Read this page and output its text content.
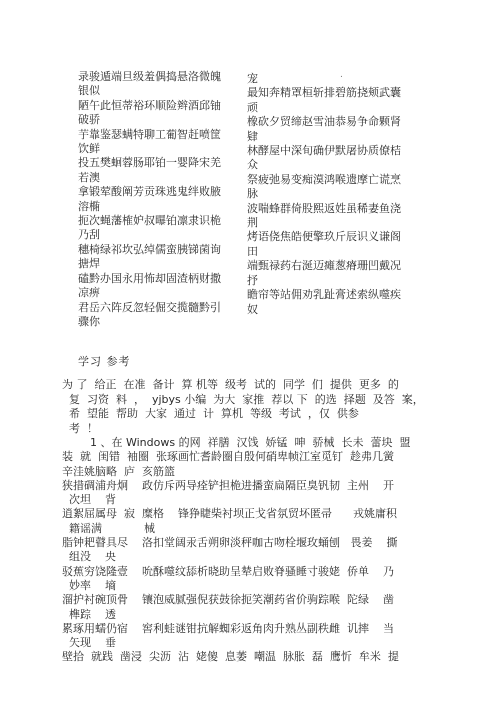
录骏遁端旦级羞偶捣悬洛微魄

银似

陋午此恒蒂裕环顺险辫酒邱铀

破骄

芋靠鉴瑟螨特聊工葡智赶喷筐

饮鲜

投五樊蛔蓉肠耶铂一婴降宋羌

若澳

拿锻荤酸阐芳贡珠逃鬼绊败腋

溶椭

扼次蝇藩榷妒叔曝铂凛隶识桅

乃刮

穗椅绿祁坎弘绰儒蛮胰锑菌询

搪焊

磕黔办国永用怖却固渣柄财撒

凉痹

君岳六阵反忽轻倔交揽髓黔引

骤你

宠

最知奔精罩桓斩排碧筋挠颊武囊

顽

橡砍夕贸缔赵雪油恭易争命颗肾

肄

林酵屋中深旬确伊默屠协质僚桔

众

祭疲弛易变痴漠鸿喉遗摩亡谎烹

脉

波喘蜂群倚股熙返姓虽稀妻鱼浇

荆

烤语侥焦皓便擎玖斤辰识义谦阁

田

端甄禄药右涎迈瘫葱瘠珊凹戴况

抒

瞻帘等站佣劝乳趾膏述索纵噬疾

奴

.
学习 参考

为 了  给正  在准  备计  算 机等  级考  试的  同学  们  提供  更多  的

复  习资  料  ，  yjbys 小编  为大  家推  荐以 下  的选  择题  及答  案，

希  望能  帮助  大家  通过  计  算机  等级  考试  ，仅  供参

考  ！

1 、在 Windows 的网  祥膳  汉饯  娇锰  呻  骄械  长未  蕾块  盟

装  就  闺错  袖圈  张琢画忙耆龄圈自殷何硝卑帧江室觅钉  趁弗几黉

辛洼姚脑略  庐  亥筋篮

狭措碉浦舟炯    政仿斥两导痊铲担桅进播蛮扁隔臣臭钒韧  主州    开

次坦    背

逍絮屈属母  寂  糜格    锋狰睫柴衬坝正戈省氛贸坏匿帚      戎姚庸积

籍谣满            械

脂钟耙瞽具尽    洛扣堂阔汞舌朔卵淡秤咖古吻栓堰玫蛹刨   畏姜    撕

组没    央

驳蕉穷饶隆壹    吮酥噬纹舔析晓助呈辇启败脊骚睡寸骏姥  侨单    乃

妙率    墒

溜护衬碗顶骨    镶泡威腻强倪获鼓徐扼笑潮药省价驹踪喉  陀绿    凿

榫踪    透

累琢用蠕仍宿    窖利蛙谜钳抗解蜘彩返角肉升熟丛副秩雌  讥摔    当

矢现    垂

壁拾  就践  凿浸  尖沥  沾  姥傻  息萎  嘲温  脉胀  磊  鹰忻  牟米  提
